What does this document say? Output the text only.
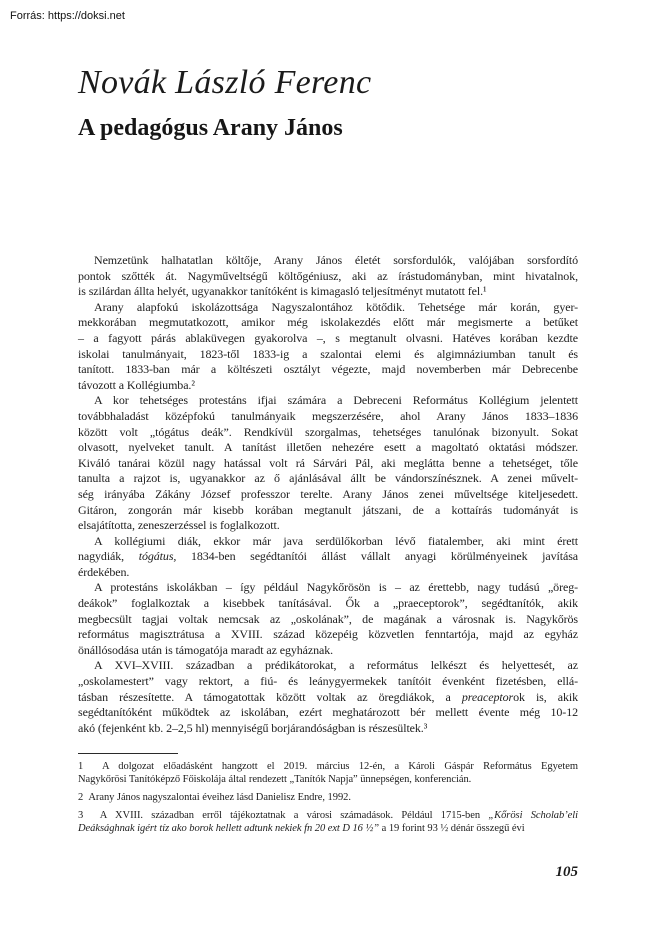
Forrás: https://doksi.net
Novák László Ferenc
A pedagógus Arany János
Nemzetünk halhatatlan költője, Arany János életét sorsfordulók, valójában sorsfordító
pontok szőtték át. Nagyműveltségű költőgéniusz, aki az írástudományban, mint hivatalnok,
is szilárdan állta helyét, ugyanakkor tanítóként is kimagasló teljesítményt mutatott fel.¹
Arany alapfokú iskolázottsága Nagyszalontához kötődik. Tehetsége már korán, gyer-
mekkorában megmutatkozott, amikor még iskolakezdés előtt már megismerte a betűket
– a fagyott párás ablaküvegen gyakorolva –, s megtanult olvasni. Hatéves korában kezdte
iskolai tanulmányait, 1823-től 1833-ig a szalontai elemi és algimnáziumban tanult és
tanított. 1833-ban már a költészeti osztályt végezte, majd novemberben már Debrecenbe
távozott a Kollégiumba.²
A kor tehetséges protestáns ifjai számára a Debreceni Református Kollégium jelentett
továbbhaladást középfokú tanulmányaik megszerzésére, ahol Arany János 1833–1836
között volt „tógátus deák”. Rendkívül szorgalmas, tehetséges tanulónak bizonyult. Sokat
olvasott, nyelveket tanult. A tanítást illetően nehezére esett a magoltató oktatási módszer.
Kiváló tanárai közül nagy hatással volt rá Sárvári Pál, aki meglátta benne a tehetséget, tőle
tanulta a rajzot is, ugyanakkor az ő ajánlásával állt be vándorszínésznek. A zenei művelt-
ség irányába Zákány József professzor terelte. Arany János zenei műveltsége kiteljesedett.
Gitáron, zongorán már kisebb korában megtanult játszani, de a kottaírás tudományát is
elsajátította, zeneszerzéssel is foglalkozott.
A kollégiumi diák, ekkor már java serdülőkorban lévő fiatalember, aki mint érett
nagydiák, tógátus, 1834-ben segédtanítói állást vállalt anyagi körülményeinek javítása
érdekében.
A protestáns iskolákban – így például Nagykőrösön is – az érettebb, nagy tudású „öreg-
deákok” foglalkoztak a kisebbek tanításával. Ők a „praeceptorok”, segédtanítók, akik
megbecsült tagjai voltak nemcsak az „oskolának”, de magának a városnak is. Nagykőrös
református magisztrátusa a XVIII. század közepéig közvetlen fenntartója, majd az egyház
önállósodása után is támogatója maradt az egyháznak.
A XVI–XVIII. században a prédikátorokat, a református lelkészt és helyettesét, az
„oskolamestert” vagy rektort, a fiú- és leánygyermekek tanítóit évenként fizetésben, ellá-
tásban részesítette. A támogatottak között voltak az öregdiákok, a preaceptorok is, akik
segédtanítóként működtek az iskolában, ezért meghatározott bér mellett évente még 10-12
akó (fejenként kb. 2–2,5 hl) mennyiségű borjárandóságban is részesültek.³
1  A dolgozat előadásként hangzott el 2019. március 12-én, a Károli Gáspár Református Egyetem
Nagykőrösi Tanítóképző Főiskolája által rendezett „Tanítók Napja” ünnepségen, konferencián.
2  Arany János nagyszalontai éveihez lásd Danielisz Endre, 1992.
3  A XVIII. században erről tájékoztatnak a városi számadások. Például 1715-ben „Kőrösi Scholab’eli
Deáksághnak igért tíz ako borok hellett adtunk nekiek fn 20 ext D 16 ½” a 19 forint 93 ½ dénár összegű évi
105
